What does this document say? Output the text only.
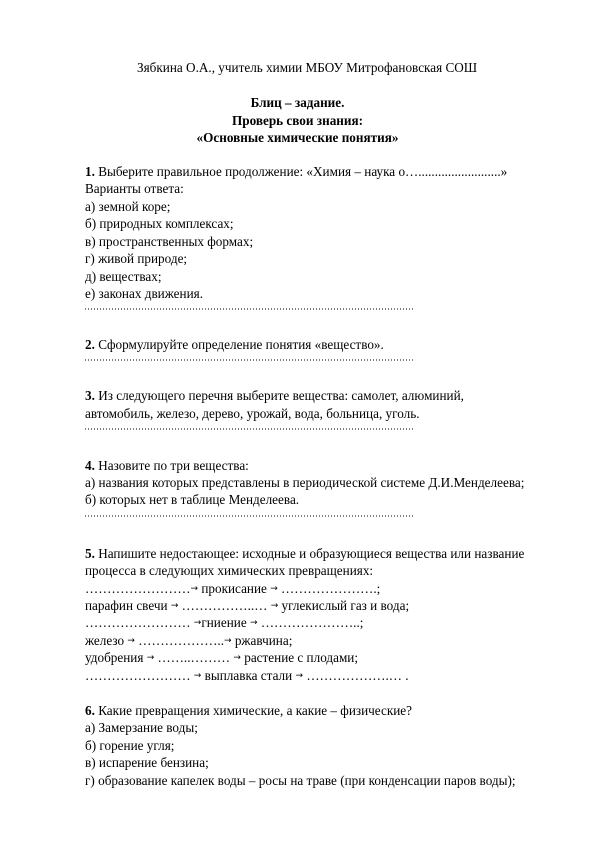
Зябкина О.А., учитель химии МБОУ Митрофановская СОШ
Блиц – задание.
Проверь свои знания:
«Основные химические понятия»
1. Выберите правильное продолжение: «Химия – наука о….........................»
Варианты ответа:
а) земной коре;
б) природных комплексах;
в) пространственных формах;
г) живой природе;
д) веществах;
е) законах движения.
2. Сформулируйте определение понятия «вещество».
3. Из следующего перечня выберите вещества: самолет, алюминий,
автомобиль, железо, дерево, урожай, вода, больница, уголь.
4. Назовите по три вещества:
а) названия которых представлены в периодической системе Д.И.Менделеева;
б) которых нет в таблице Менделеева.
5. Напишите недостающее: исходные и образующиеся вещества или название
процесса в следующих химических превращениях:
……………………→ прокисание → ………………….;
парафин свечи → ……………..… → углекислый газ и вода;
…………………… →гниение → …………………..;
железо → ………………..→ ржавчина;
удобрения → ……..……… → растение с плодами;
…………………… → выплавка стали → ……………….… .
6. Какие превращения химические, а какие – физические?
а) Замерзание воды;
б) горение угля;
в) испарение бензина;
г) образование капелек воды – росы на траве (при конденсации паров воды);
